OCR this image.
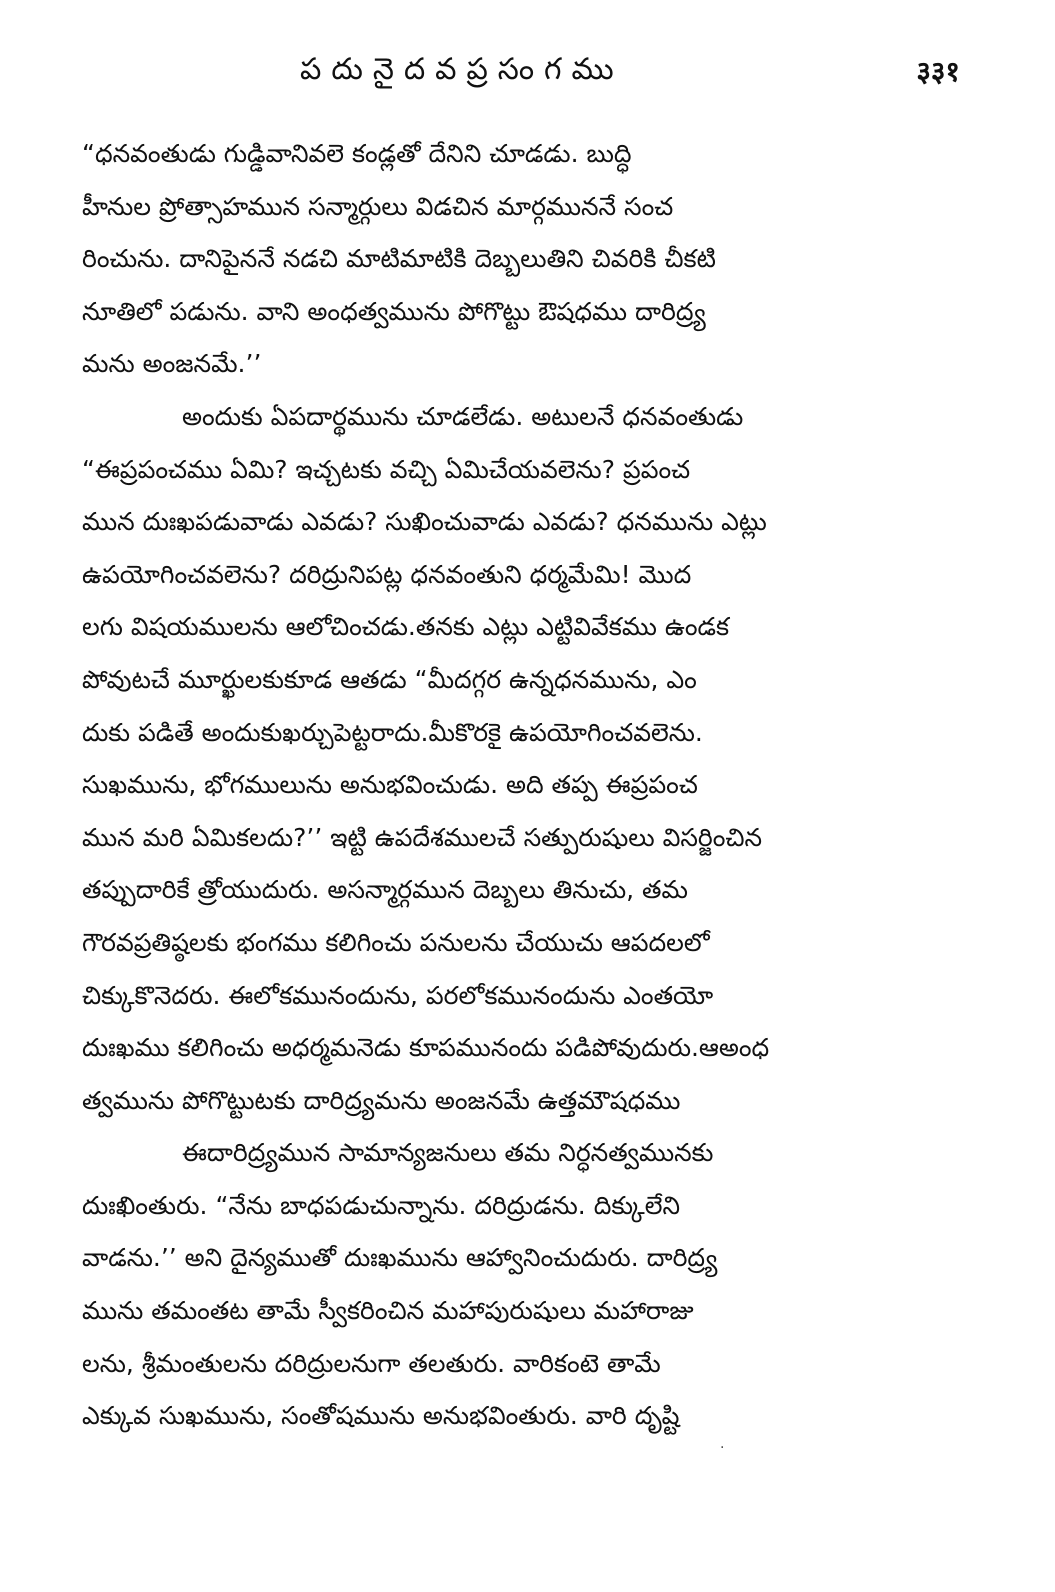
పదునైదవప్రసంగము	३३१
“ధనవంతుడు గుడ్డివానివలె కండ్లతో దేనిని చూడడు. బుద్ధి
హీనుల ప్రోత్సాహమున సన్మార్గులు విడచిన మార్గముననే సంచ
రించును. దానిపైననే నడచి మాటిమాటికి దెబ్బలుతిని చివరికి చీకటి
నూతిలో పడును. వాని అంధత్వమును పోగొట్టు ఔషధము దారిద్ర్య
మను అంజనమే.’’
అందుకు ఏపదార్థమును చూడలేడు. అటులనే ధనవంతుడు
“ఈప్రపంచము ఏమి? ఇచ్చటకు వచ్చి ఏమిచేయవలెను? ప్రపంచ
మున దుఃఖపడువాడు ఎవడు? సుఖించువాడు ఎవడు? ధనమును ఎట్లు
ఉపయోగించవలెను? దరిద్రునిపట్ల ధనవంతుని ధర్మమేమి! మొద
లగు విషయములను ఆలోచించడు.తనకు ఎట్లు ఎట్టివివేకము ఉండక
పోవుటచే మూర్ఖులకుకూడ ఆతడు “మీదగ్గర ఉన్నధనమును, ఎం
దుకు పడితే అందుకుఖర్చుపెట్టరాదు.మీకొరకై ఉపయోగించవలెను.
సుఖమును, భోగములును అనుభవించుడు. అది తప్ప ఈప్రపంచ
మున మరి ఏమికలదు?’’ ఇట్టి ఉపదేశములచే సత్పురుషులు విసర్జించిన
తప్పుదారికే త్రోయుదురు. అసన్మార్గమున దెబ్బలు తినుచు, తమ
గౌరవప్రతిష్ఠలకు భంగము కలిగించు పనులను చేయుచు ఆపదలలో
చిక్కుకొనెదరు. ఈలోకమునందును, పరలోకమునందును ఎంతయో
దుఃఖము కలిగించు అధర్మమనెడు కూపమునందు పడిపోవుదురు.ఆఅంధ
త్వమును పోగొట్టుటకు దారిద్ర్యమను అంజనమే ఉత్తమౌషధము
ఈదారిద్ర్యమున సామాన్యజనులు తమ నిర్ధనత్వమునకు
దుఃఖింతురు. “నేను బాధపడుచున్నాను. దరిద్రుడను. దిక్కులేని
వాడను.’’ అని దైన్యముతో దుఃఖమును ఆహ్వానించుదురు. దారిద్ర్య
మును తమంతట తామే స్వీకరించిన మహాపురుషులు మహారాజు
లను, శ్రీమంతులను దరిద్రులనుగా తలతురు. వారికంటె తామే
ఎక్కువ సుఖమును, సంతోషమును అనుభవింతురు. వారి దృష్టి
·
